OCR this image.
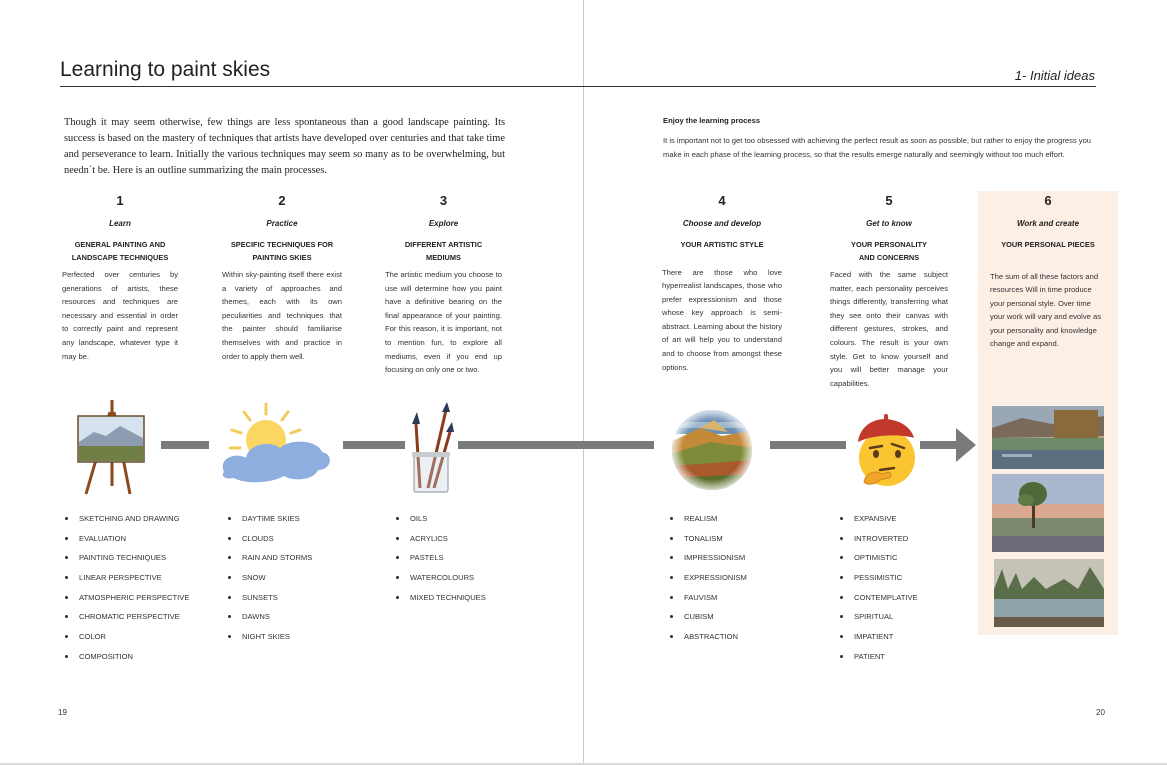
Learning to paint skies	1- Initial ideas
Though it may seem otherwise, few things are less spontaneous than a good landscape painting. Its success is based on the mastery of techniques that artists have developed over centuries and that take time and perseverance to learn. Initially the various techniques may seem so many as to be overwhelming, but needn´t be. Here is an outline summarizing the main processes.
Enjoy the learning process
It is important not to get too obsessed with achieving the perfect result as soon as possible, but rather to enjoy the progress you make in each phase of the learning process, so that the results emerge naturally and seemingly without too much effort.
1
Learn
GENERAL PAINTING AND
LANDSCAPE TECHNIQUES
Perfected over centuries by generations of artists, these resources and techniques are necessary and essential in order to correctly paint and represent any landscape, whatever type it may be.
2
Practice
SPECIFIC TECHNIQUES FOR
PAINTING SKIES
Within sky-painting itself there exist a variety of approaches and themes, each with its own peculiarities and techniques that the painter should familiarise themselves with and practice in order to apply them well.
3
Explore
DIFFERENT ARTISTIC
MEDIUMS
The artistic medium you choose to use will determine how you paint have a definitive bearing on the final appearance of your painting. For this reason, it is important, not to mention fun, to explore all mediums, even if you end up focusing on only one or two.
4
Choose and develop
YOUR ARTISTIC STYLE
There are those who love hyperrealist landscapes, those who prefer expressionism and those whose key approach is semi-abstract. Learning about the history of art will help you to understand and to choose from amongst these options.
5
Get to know
YOUR PERSONALITY
AND CONCERNS
Faced with the same subject matter, each personality perceives things differently, transferring what they see onto their canvas with different gestures, strokes, and colours. The result is your own style. Get to know yourself and you will better manage your capabilities.
6
Work and create
YOUR PERSONAL PIECES
The sum of all these factors and resources Will in time produce your personal style. Over time your work will vary and evolve as your personality and knowledge change and expand.
SKETCHING AND DRAWING
EVALUATION
PAINTING TECHNIQUES
LINEAR PERSPECTIVE
ATMOSPHERIC PERSPECTIVE
CHROMATIC PERSPECTIVE
COLOR
COMPOSITION
DAYTIME SKIES
CLOUDS
RAIN AND STORMS
SNOW
SUNSETS
DAWNS
NIGHT SKIES
OILS
ACRYLICS
PASTELS
WATERCOLOURS
MIXED TECHNIQUES
REALISM
TONALISM
IMPRESSIONISM
EXPRESSIONISM
FAUVISM
CUBISM
ABSTRACTION
EXPANSIVE
INTROVERTED
OPTIMISTIC
PESSIMISTIC
CONTEMPLATIVE
SPIRITUAL
IMPATIENT
PATIENT
19	20
